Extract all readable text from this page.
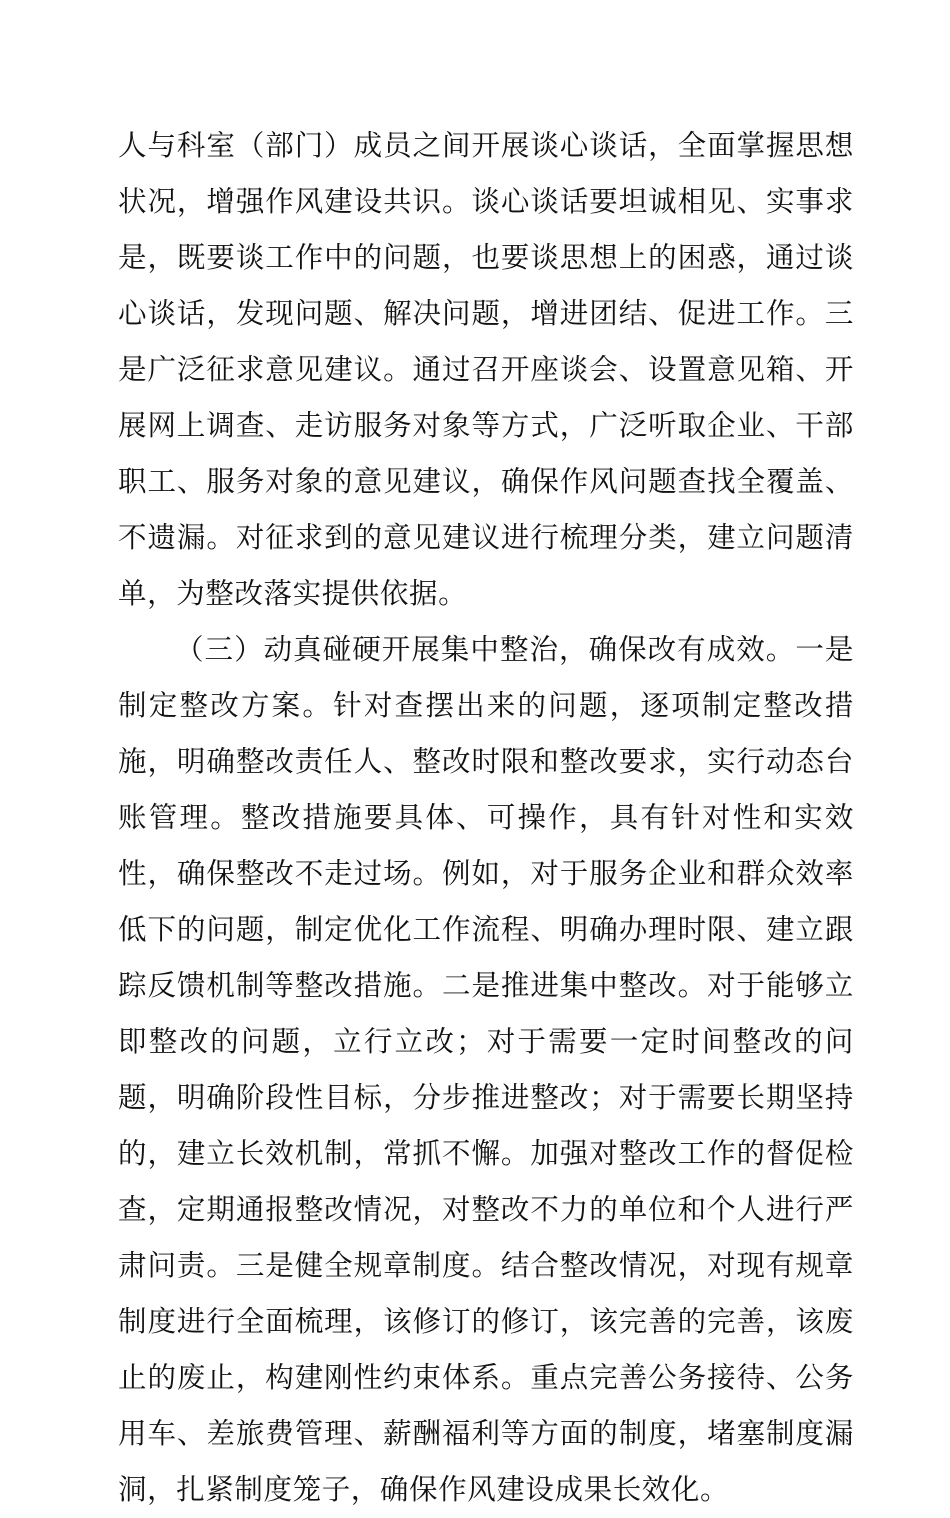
人与科室（部门）成员之间开展谈心谈话，全面掌握思想状况，增强作风建设共识。谈心谈话要坦诚相见、实事求是，既要谈工作中的问题，也要谈思想上的困惑，通过谈心谈话，发现问题、解决问题，增进团结、促进工作。三是广泛征求意见建议。通过召开座谈会、设置意见箱、开展网上调查、走访服务对象等方式，广泛听取企业、干部职工、服务对象的意见建议，确保作风问题查找全覆盖、不遗漏。对征求到的意见建议进行梳理分类，建立问题清单，为整改落实提供依据。

（三）动真碰硬开展集中整治，确保改有成效。一是制定整改方案。针对查摆出来的问题，逐项制定整改措施，明确整改责任人、整改时限和整改要求，实行动态台账管理。整改措施要具体、可操作，具有针对性和实效性，确保整改不走过场。例如，对于服务企业和群众效率低下的问题，制定优化工作流程、明确办理时限、建立跟踪反馈机制等整改措施。二是推进集中整改。对于能够立即整改的问题，立行立改；对于需要一定时间整改的问题，明确阶段性目标，分步推进整改；对于需要长期坚持的，建立长效机制，常抓不懈。加强对整改工作的督促检查，定期通报整改情况，对整改不力的单位和个人进行严肃问责。三是健全规章制度。结合整改情况，对现有规章制度进行全面梳理，该修订的修订，该完善的完善，该废止的废止，构建刚性约束体系。重点完善公务接待、公务用车、差旅费管理、薪酬福利等方面的制度，堵塞制度漏洞，扎紧制度笼子，确保作风建设成果长效化。
